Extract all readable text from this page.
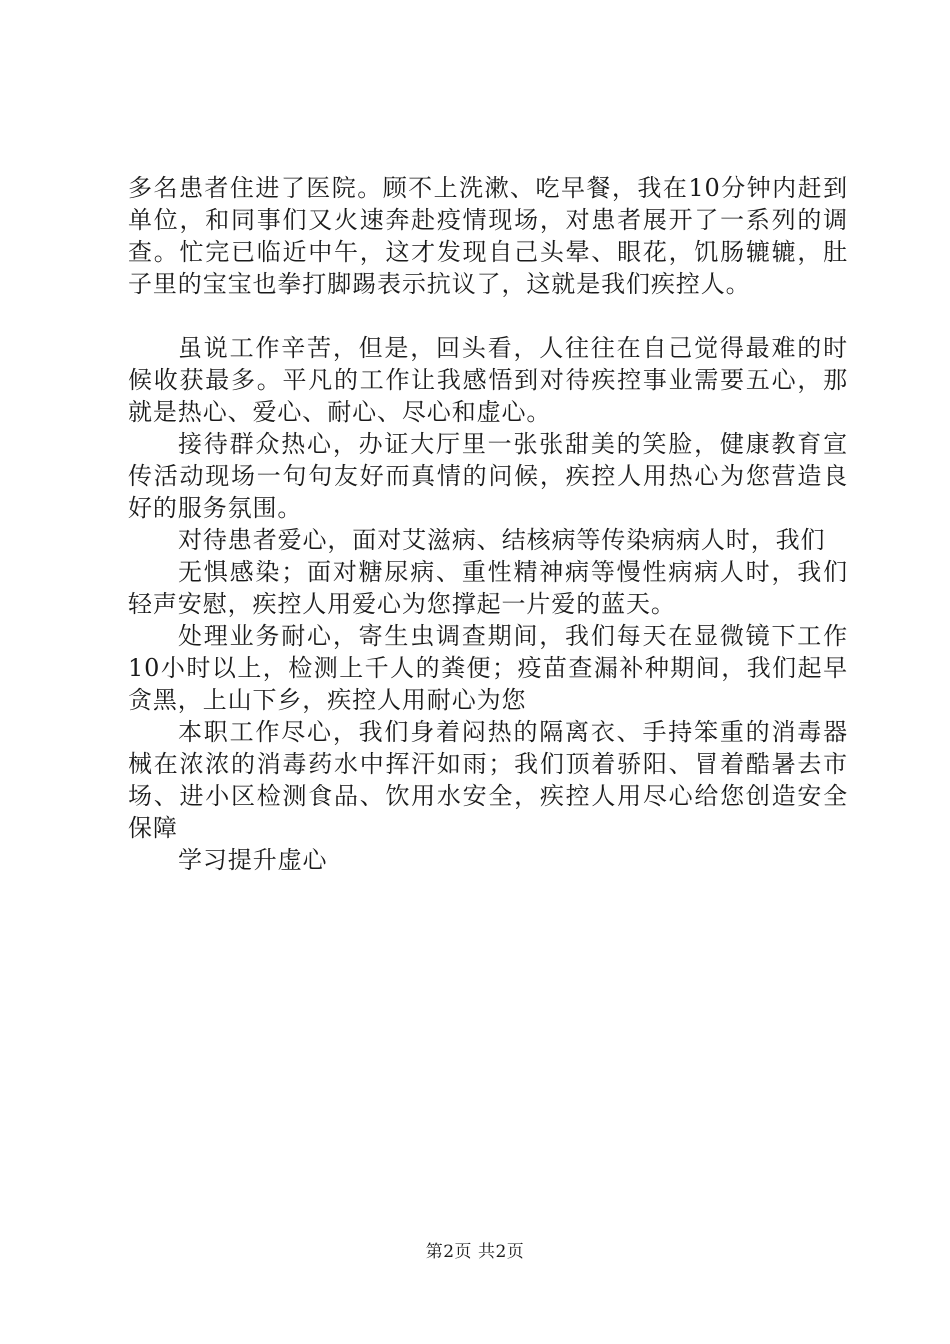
多名患者住进了医院。顾不上洗漱、吃早餐，我在10分钟内赶到单位，和同事们又火速奔赴疫情现场，对患者展开了一系列的调查。忙完已临近中午，这才发现自己头晕、眼花，饥肠辘辘，肚子里的宝宝也拳打脚踢表示抗议了，这就是我们疾控人。

虽说工作辛苦，但是，回头看，人往往在自己觉得最难的时候收获最多。平凡的工作让我感悟到对待疾控事业需要五心，那就是热心、爱心、耐心、尽心和虚心。

接待群众热心，办证大厅里一张张甜美的笑脸，健康教育宣传活动现场一句句友好而真情的问候，疾控人用热心为您营造良好的服务氛围。

对待患者爱心，面对艾滋病、结核病等传染病病人时，我们

无惧感染；面对糖尿病、重性精神病等慢性病病人时，我们轻声安慰，疾控人用爱心为您撑起一片爱的蓝天。

处理业务耐心，寄生虫调查期间，我们每天在显微镜下工作10小时以上，检测上千人的粪便；疫苗查漏补种期间，我们起早贪黑，上山下乡，疾控人用耐心为您

本职工作尽心，我们身着闷热的隔离衣、手持笨重的消毒器械在浓浓的消毒药水中挥汗如雨；我们顶着骄阳、冒着酷暑去市场、进小区检测食品、饮用水安全，疾控人用尽心给您创造安全保障

学习提升虚心

第2页 共2页
